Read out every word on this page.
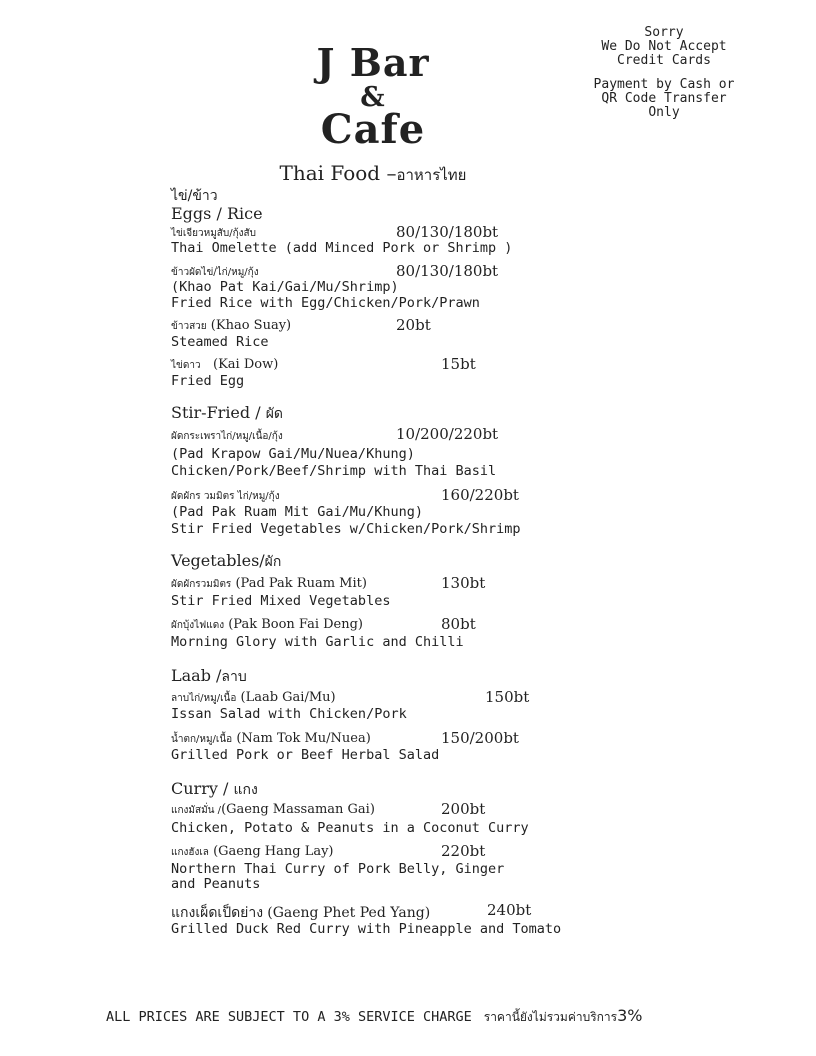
J Bar
&
Cafe
Sorry
We Do Not Accept
Credit Cards
Payment by Cash or
QR Code Transfer
Only
Thai Food –อาหารไทย
ไข่/ข้าว
Eggs / Rice
ไข่เจียวหมูสับ/กุ้งสับ	80/130/180bt
Thai Omelette (add Minced Pork or Shrimp )
ข้าวผัดไข่/ไก่/หมู/กุ้ง	80/130/180bt
(Khao Pat Kai/Gai/Mu/Shrimp)
Fried Rice with Egg/Chicken/Pork/Prawn
ข้าวสวย (Khao Suay)	20bt
Steamed Rice
ไข่ดาว (Kai Dow)	15bt
Fried Egg
Stir-Fried / ผัด
ผัดกระเพราไก่/หมู/เนื้อ/กุ้ง	10/200/220bt
(Pad Krapow Gai/Mu/Nuea/Khung)
Chicken/Pork/Beef/Shrimp with Thai Basil
ผัดผักร วมมิตร ไก่/หมู/กุ้ง	160/220bt
(Pad Pak Ruam Mit Gai/Mu/Khung)
Stir Fried Vegetables w/Chicken/Pork/Shrimp
Vegetables/ผัก
ผัดผักรวมมิตร (Pad Pak Ruam Mit)	130bt
Stir Fried Mixed Vegetables
ผักบุ้งไฟแดง (Pak Boon Fai Deng)	80bt
Morning Glory with Garlic and Chilli
Laab /ลาบ
ลาบไก่/หมู/เนื้อ (Laab Gai/Mu)	150bt
Issan Salad with Chicken/Pork
น้ำตก/หมู/เนื้อ (Nam Tok Mu/Nuea)	150/200bt
Grilled Pork or Beef Herbal Salad
Curry / แกง
แกงมัสมั่น /(Gaeng Massaman Gai)	200bt
Chicken, Potato & Peanuts in a Coconut Curry
แกงฮังเล (Gaeng Hang Lay)	220bt
Northern Thai Curry of Pork Belly, Ginger
and Peanuts
แกงเผ็ดเป็ดย่าง (Gaeng Phet Ped Yang)	240bt
Grilled Duck Red Curry with Pineapple and Tomato
ALL PRICES ARE SUBJECT TO A 3% SERVICE CHARGE ราคานี้ยังไม่รวมค่าบริการ3%
